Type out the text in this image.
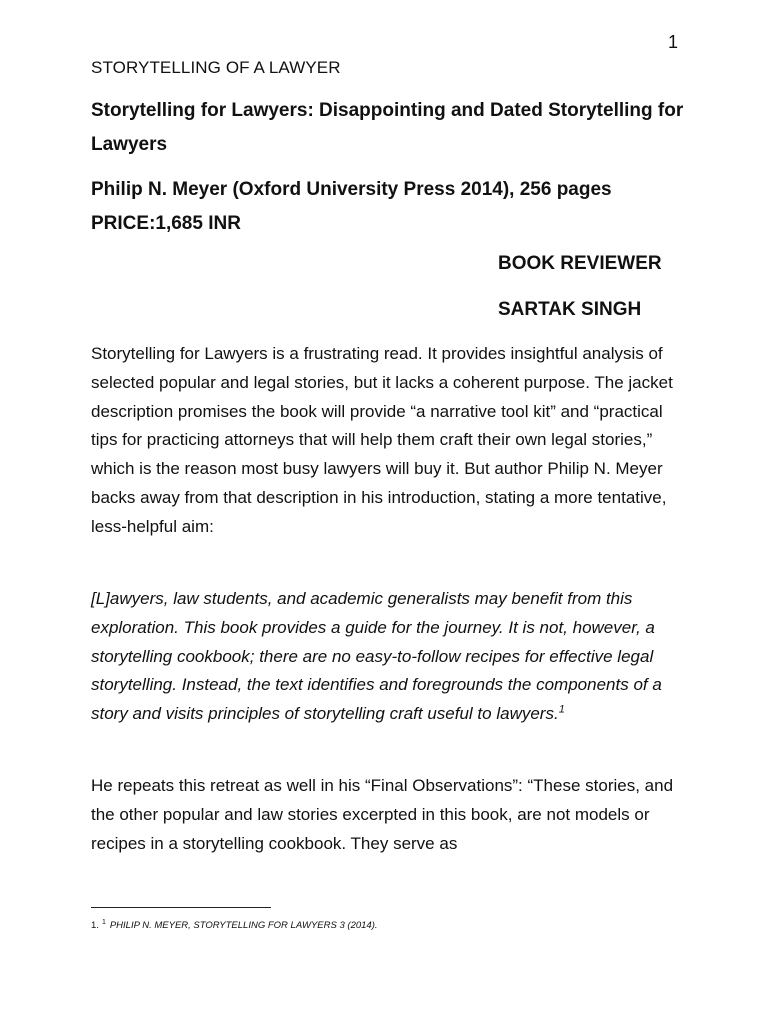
1
STORYTELLING OF A LAWYER
Storytelling for Lawyers: Disappointing and Dated Storytelling for Lawyers
Philip N. Meyer (Oxford University Press 2014), 256 pages
PRICE:1,685 INR
BOOK REVIEWER
SARTAK SINGH

Storytelling for Lawyers is a frustrating read. It provides insightful analysis of selected popular and legal stories, but it lacks a coherent purpose. The jacket description promises the book will provide “a narrative tool kit” and “practical tips for practicing attorneys that will help them craft their own legal stories,” which is the reason most busy lawyers will buy it. But author Philip N. Meyer backs away from that description in his introduction, stating a more tentative, less-helpful aim:

[L]awyers, law students, and academic generalists may benefit from this exploration. This book provides a guide for the journey. It is not, however, a storytelling cookbook; there are no easy-to-follow recipes for effective legal storytelling. Instead, the text identifies and foregrounds the components of a story and visits principles of storytelling craft useful to lawyers.$^1$

He repeats this retreat as well in his “Final Observations”: “These stories, and the other popular and law stories excerpted in this book, are not models or recipes in a storytelling cookbook. They serve as

1. $^1$ PHILIP N. MEYER, STORYTELLING FOR LAWYERS 3 (2014).
